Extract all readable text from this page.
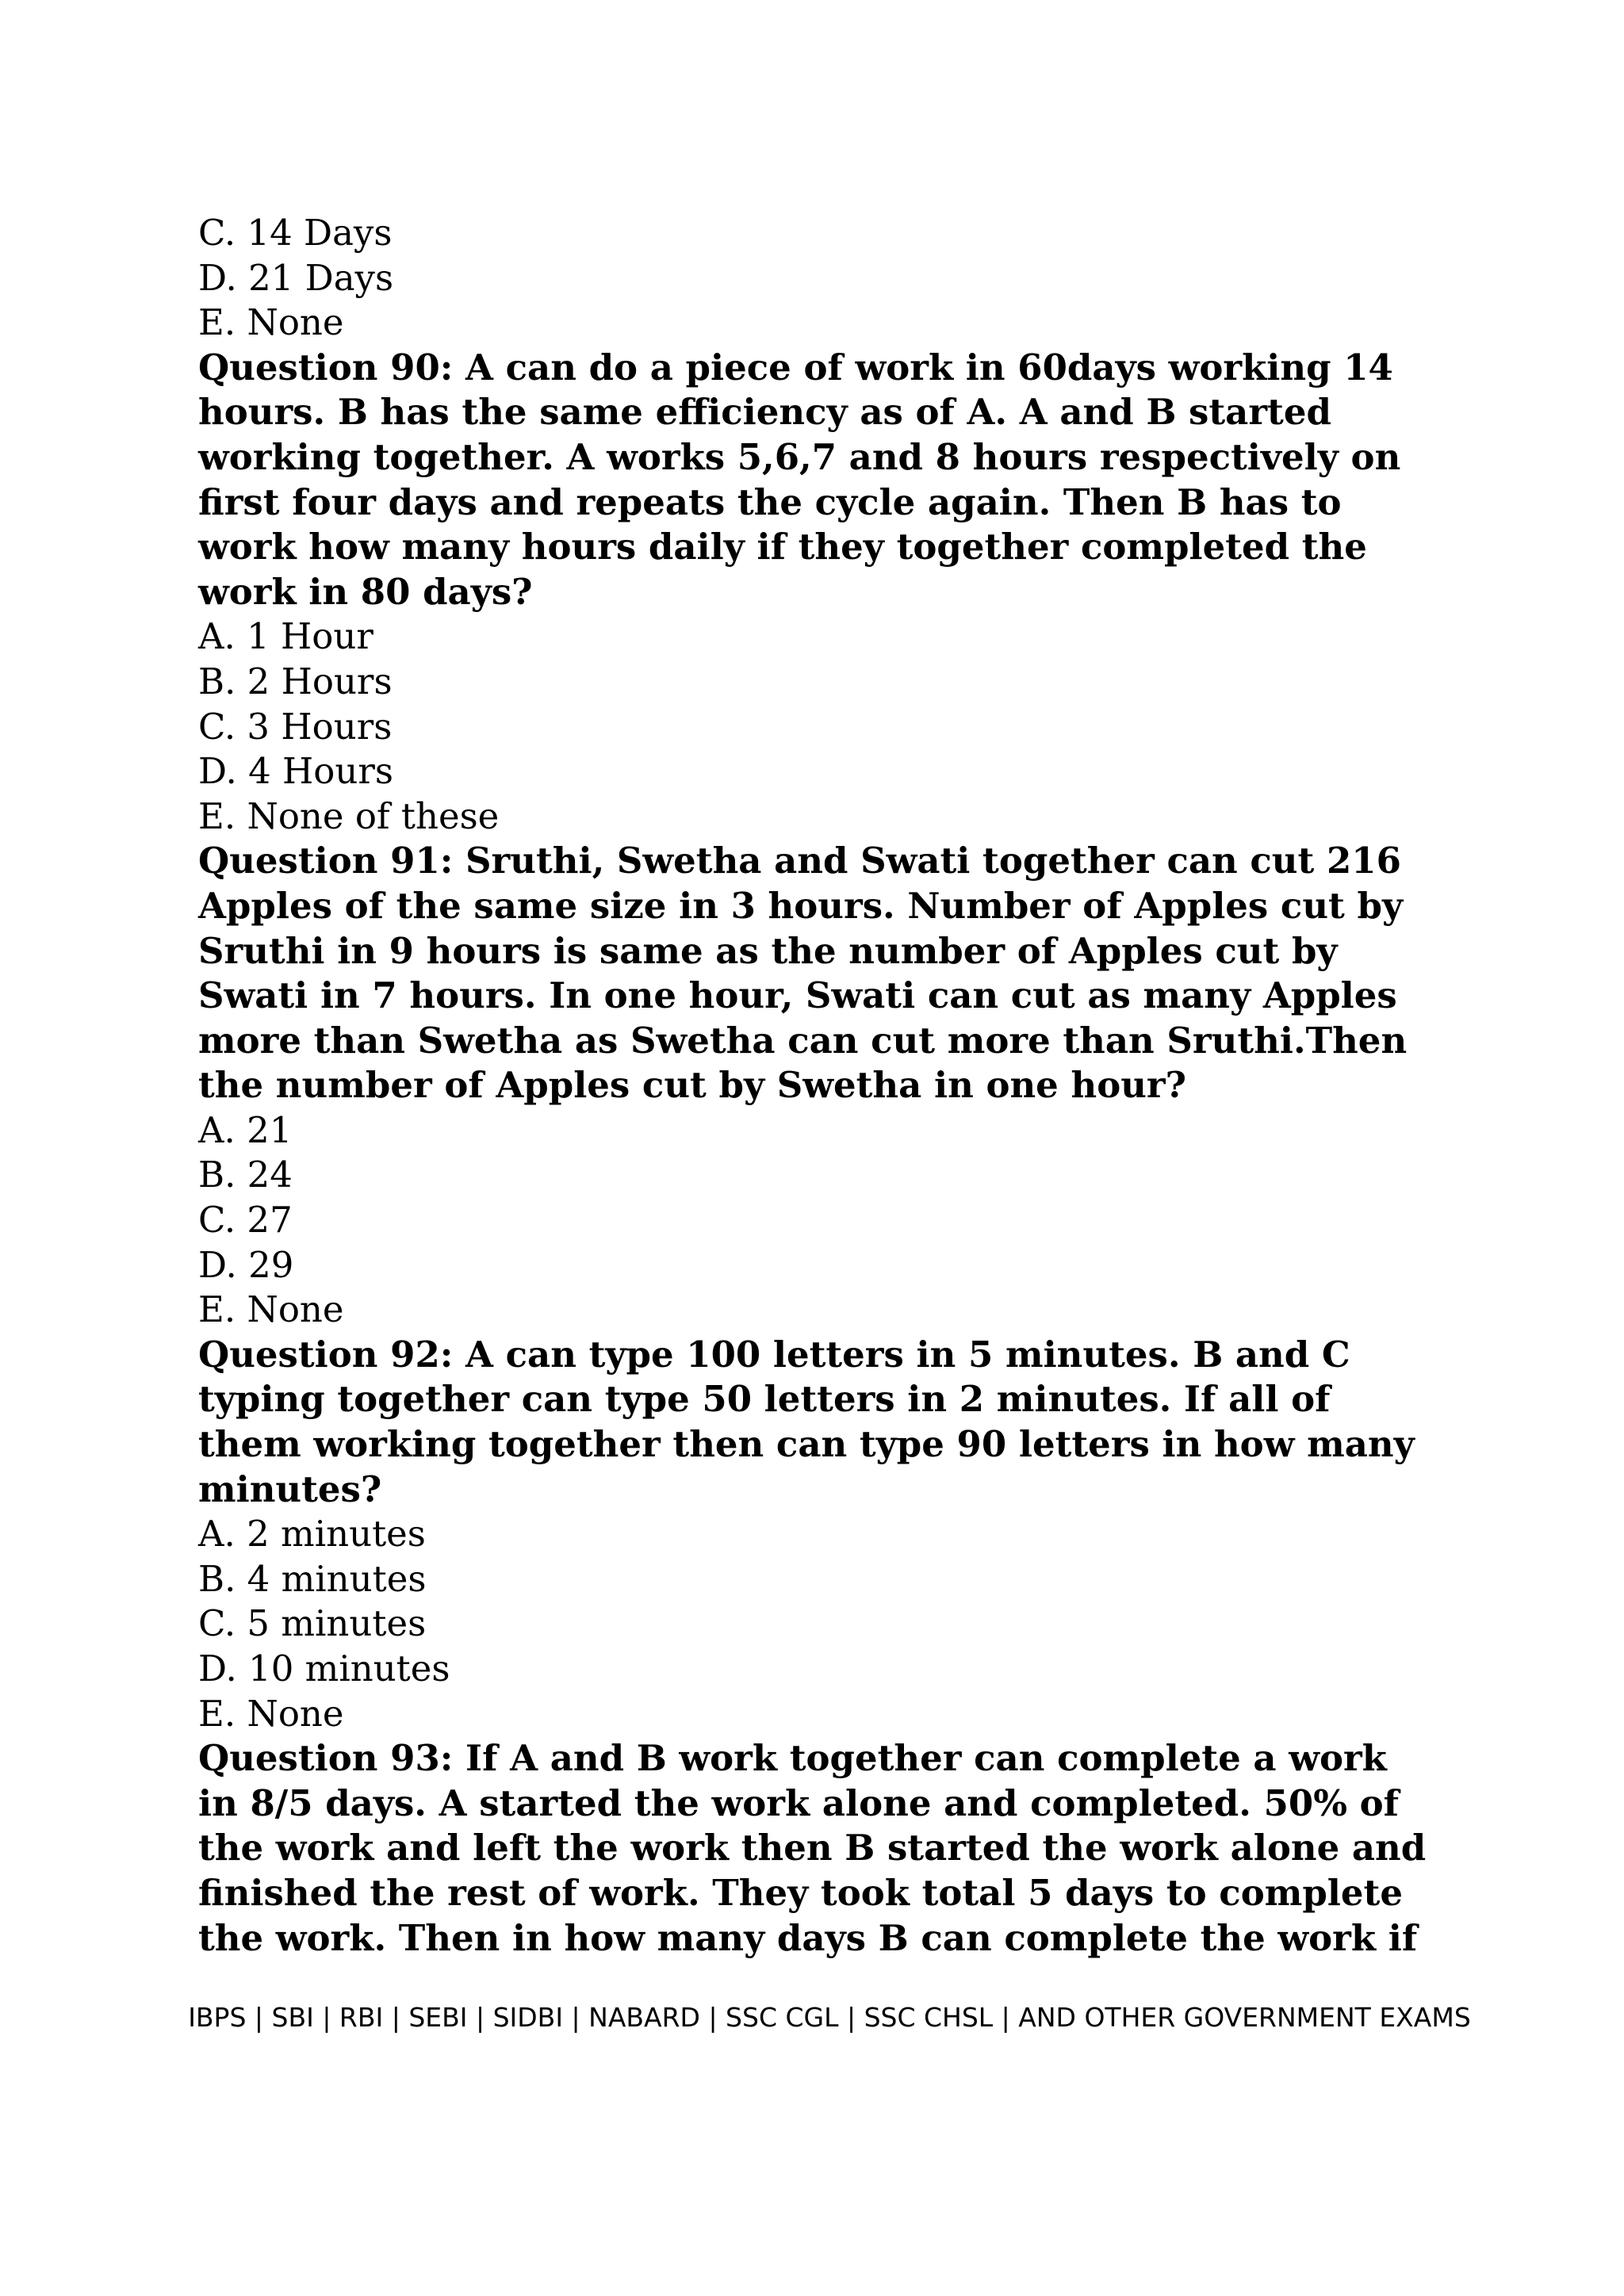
C. 14 Days
D. 21 Days
E. None
Question 90: A can do a piece of work in 60days working 14
hours. B has the same efficiency as of A. A and B started
working together. A works 5,6,7 and 8 hours respectively on
first four days and repeats the cycle again. Then B has to
work how many hours daily if they together completed the
work in 80 days?
A. 1 Hour
B. 2 Hours
C. 3 Hours
D. 4 Hours
E. None of these
Question 91: Sruthi, Swetha and Swati together can cut 216
Apples of the same size in 3 hours. Number of Apples cut by
Sruthi in 9 hours is same as the number of Apples cut by
Swati in 7 hours. In one hour, Swati can cut as many Apples
more than Swetha as Swetha can cut more than Sruthi.Then
the number of Apples cut by Swetha in one hour?
A. 21
B. 24
C. 27
D. 29
E. None
Question 92: A can type 100 letters in 5 minutes. B and C
typing together can type 50 letters in 2 minutes. If all of
them working together then can type 90 letters in how many
minutes?
A. 2 minutes
B. 4 minutes
C. 5 minutes
D. 10 minutes
E. None
Question 93: If A and B work together can complete a work
in 8/5 days. A started the work alone and completed. 50% of
the work and left the work then B started the work alone and
finished the rest of work. They took total 5 days to complete
the work. Then in how many days B can complete the work if
IBPS | SBI | RBI | SEBI | SIDBI | NABARD | SSC CGL | SSC CHSL | AND OTHER GOVERNMENT EXAMS
